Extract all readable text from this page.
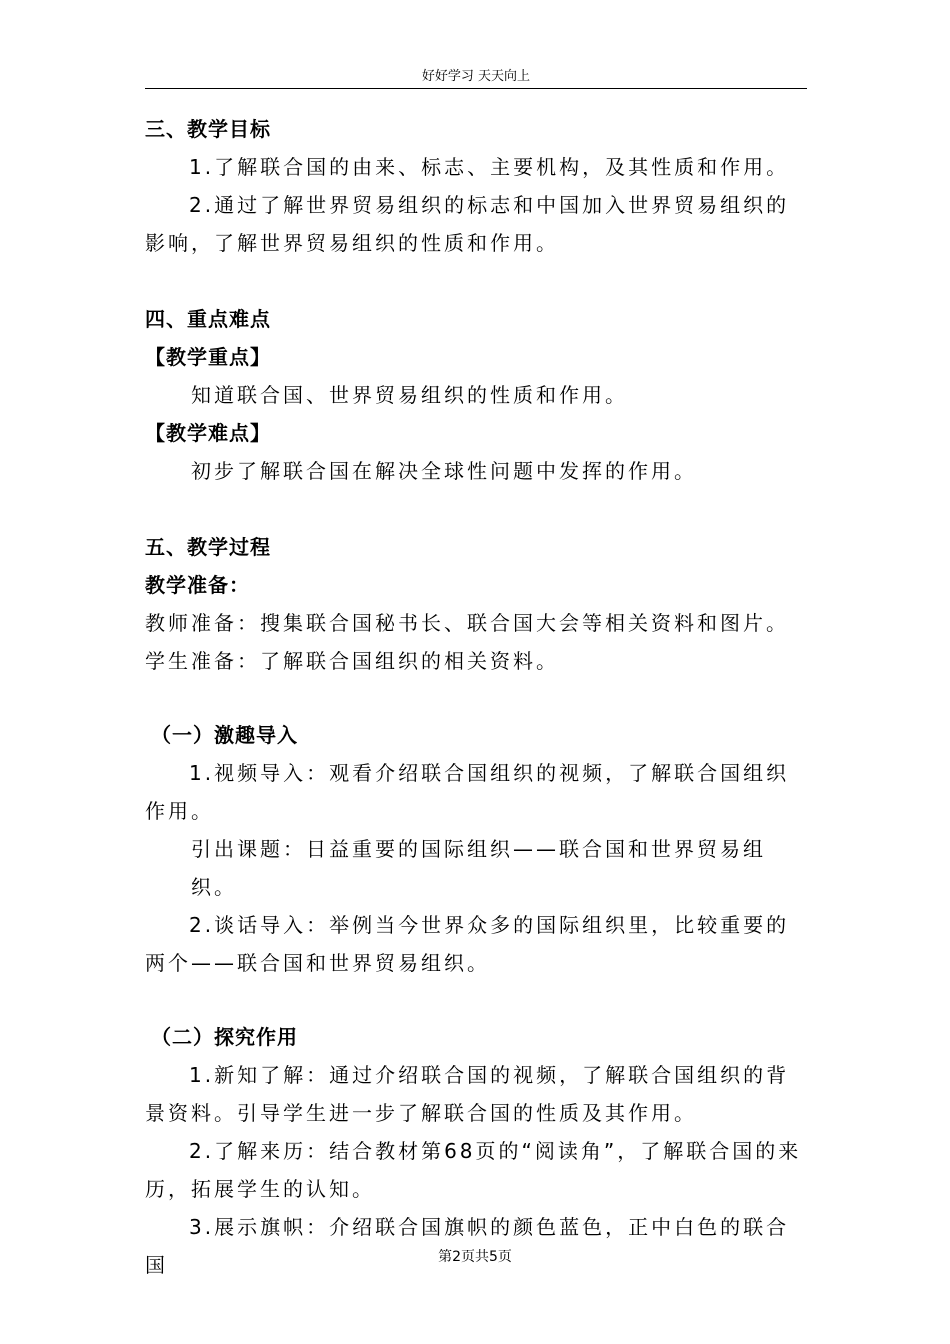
好好学习 天天向上

三、教学目标

1.了解联合国的由来、标志、主要机构，及其性质和作用。

2.通过了解世界贸易组织的标志和中国加入世界贸易组织的影响，了解世界贸易组织的性质和作用。

四、重点难点

【教学重点】

知道联合国、世界贸易组织的性质和作用。

【教学难点】

初步了解联合国在解决全球性问题中发挥的作用。

五、教学过程

教学准备：

教师准备：搜集联合国秘书长、联合国大会等相关资料和图片。

学生准备：了解联合国组织的相关资料。

（一）激趣导入

1.视频导入：观看介绍联合国组织的视频，了解联合国组织作用。

引出课题：日益重要的国际组织——联合国和世界贸易组织。

2.谈话导入：举例当今世界众多的国际组织里，比较重要的两个——联合国和世界贸易组织。

（二）探究作用

1.新知了解：通过介绍联合国的视频，了解联合国组织的背景资料。引导学生进一步了解联合国的性质及其作用。

2.了解来历：结合教材第68页的“阅读角”，了解联合国的来历，拓展学生的认知。

3.展示旗帜：介绍联合国旗帜的颜色蓝色，正中白色的联合国	第2页共5页
